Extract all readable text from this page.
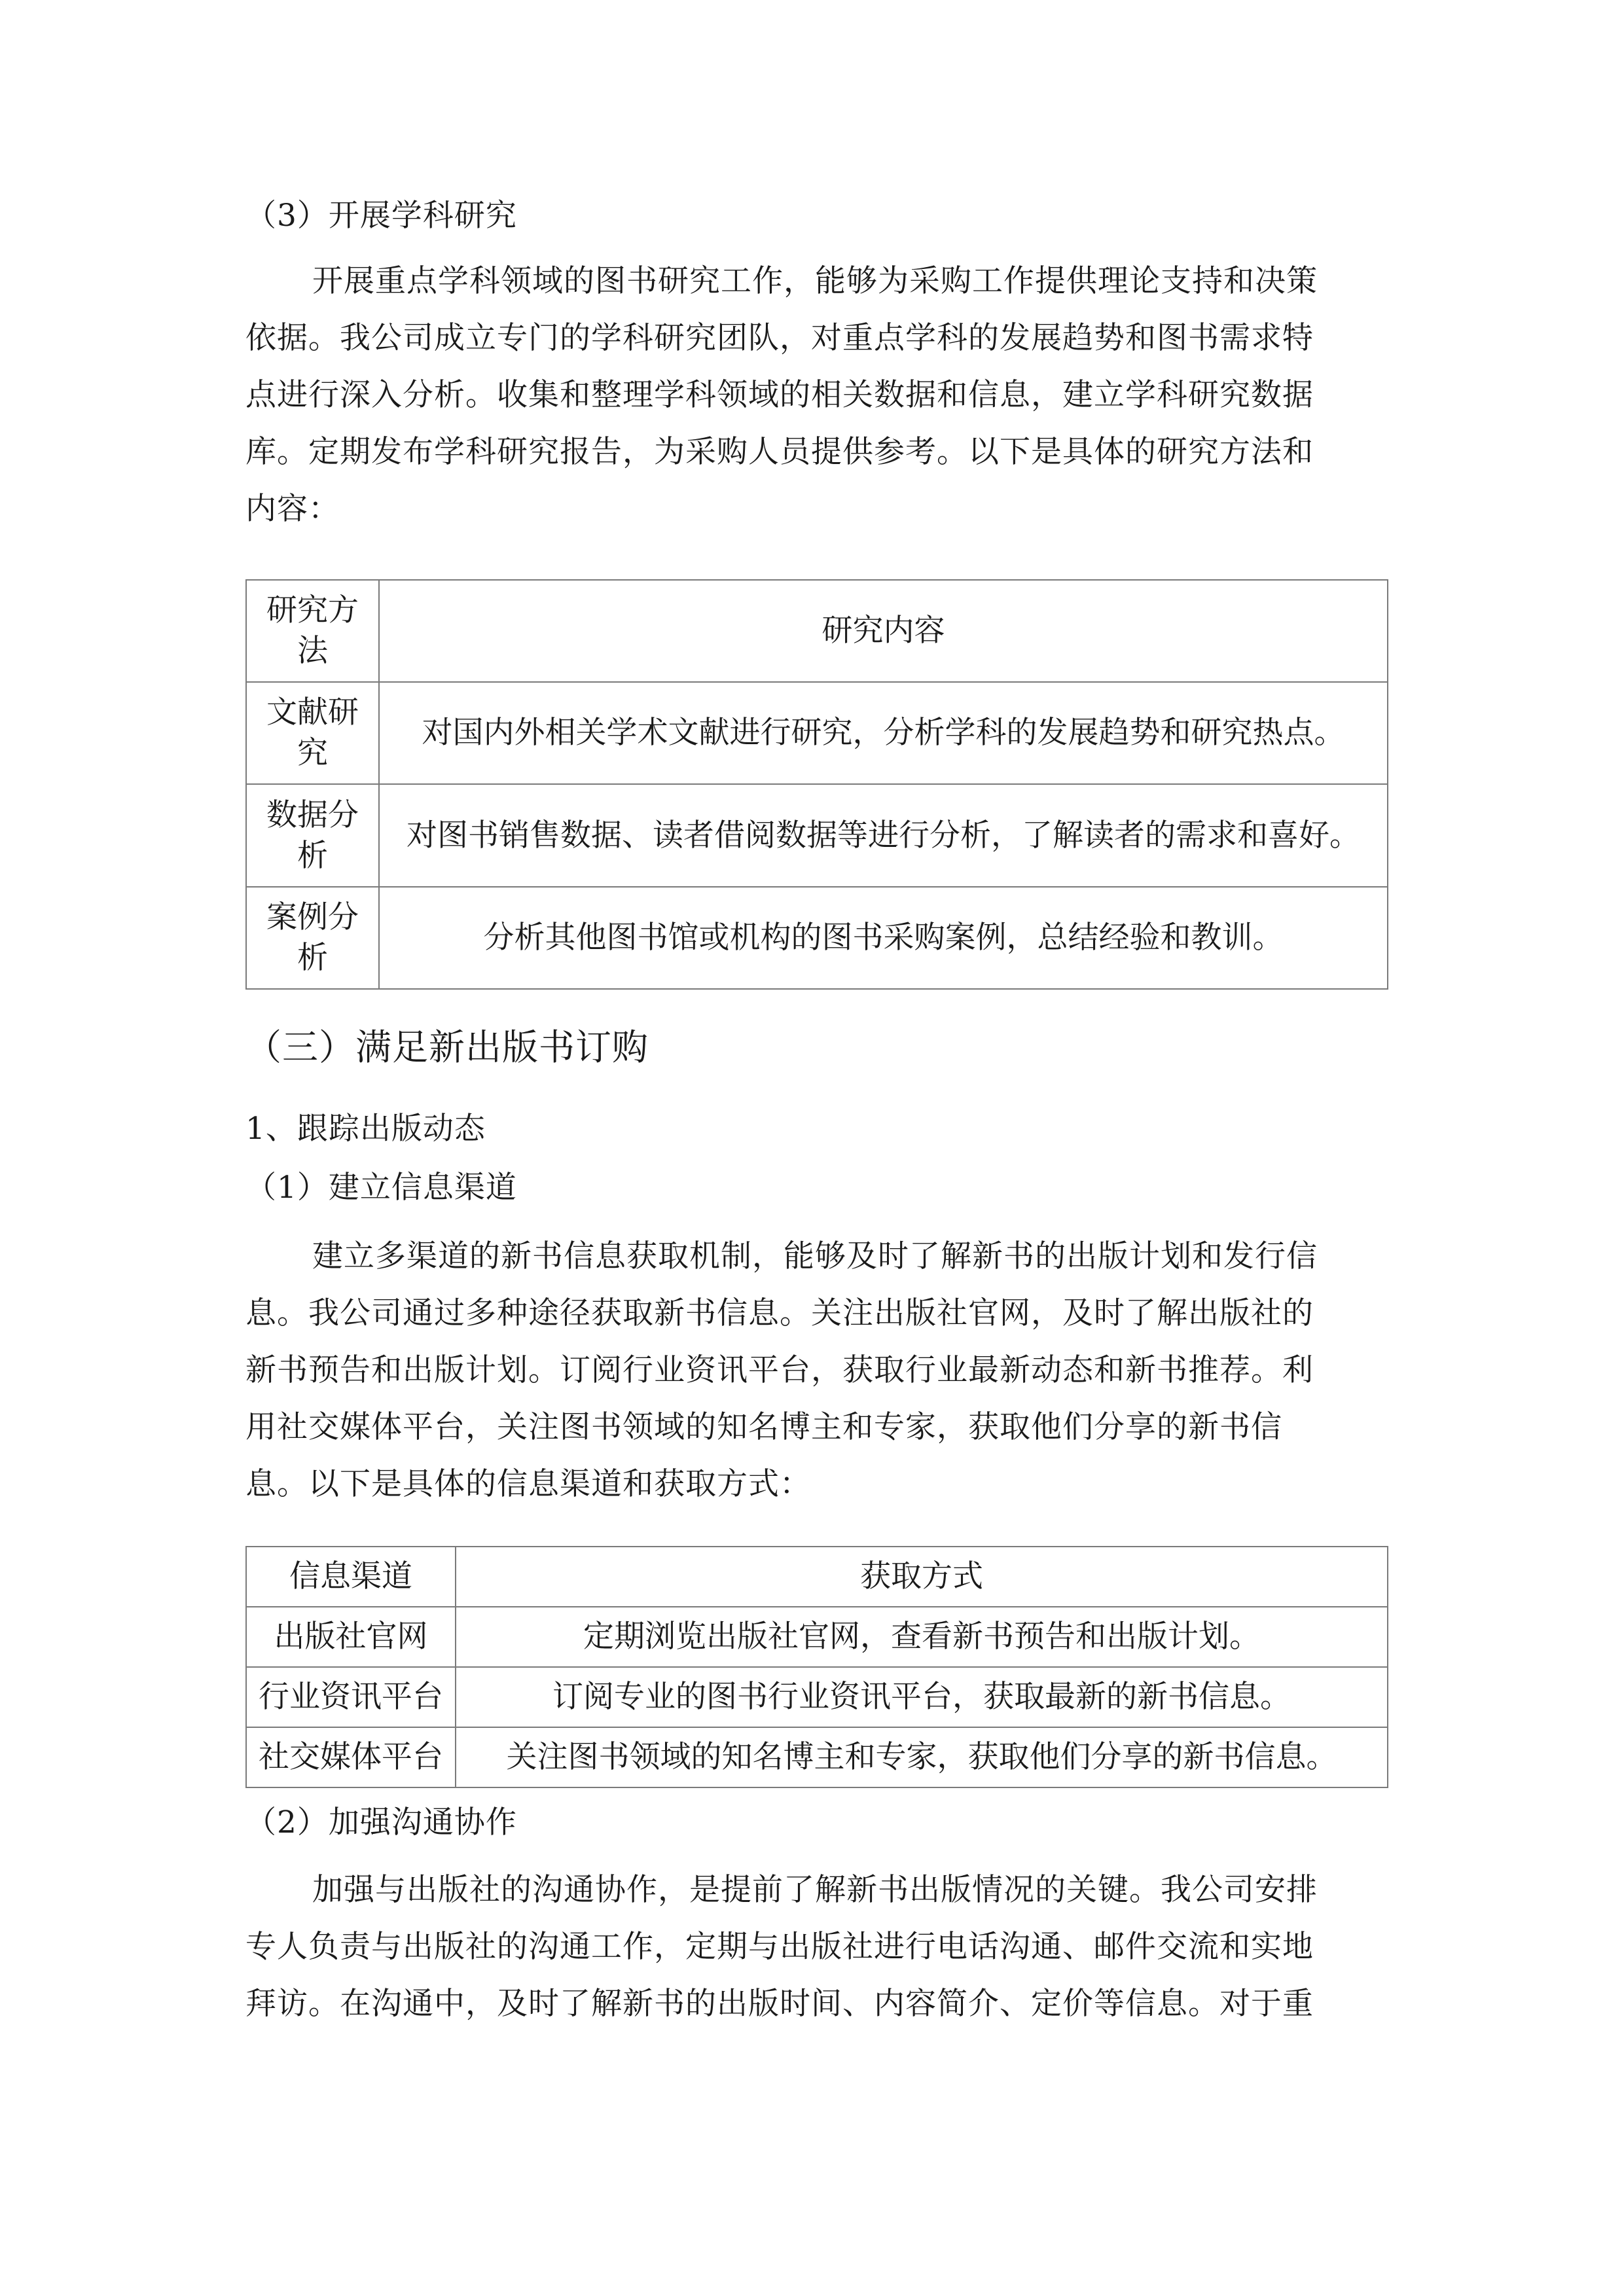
（3）开展学科研究
开展重点学科领域的图书研究工作，能够为采购工作提供理论支持和决策
依据。我公司成立专门的学科研究团队，对重点学科的发展趋势和图书需求特
点进行深入分析。收集和整理学科领域的相关数据和信息，建立学科研究数据
库。定期发布学科研究报告，为采购人员提供参考。以下是具体的研究方法和
内容：
研究方法	研究内容
文献研究	对国内外相关学术文献进行研究，分析学科的发展趋势和研究热点。
数据分析	对图书销售数据、读者借阅数据等进行分析，了解读者的需求和喜好。
案例分析	分析其他图书馆或机构的图书采购案例，总结经验和教训。
（三）满足新出版书订购
1、跟踪出版动态
（1）建立信息渠道
建立多渠道的新书信息获取机制，能够及时了解新书的出版计划和发行信
息。我公司通过多种途径获取新书信息。关注出版社官网，及时了解出版社的
新书预告和出版计划。订阅行业资讯平台，获取行业最新动态和新书推荐。利
用社交媒体平台，关注图书领域的知名博主和专家，获取他们分享的新书信
息。以下是具体的信息渠道和获取方式：
信息渠道	获取方式
出版社官网	定期浏览出版社官网，查看新书预告和出版计划。
行业资讯平台	订阅专业的图书行业资讯平台，获取最新的新书信息。
社交媒体平台	关注图书领域的知名博主和专家，获取他们分享的新书信息。
（2）加强沟通协作
加强与出版社的沟通协作，是提前了解新书出版情况的关键。我公司安排
专人负责与出版社的沟通工作，定期与出版社进行电话沟通、邮件交流和实地
拜访。在沟通中，及时了解新书的出版时间、内容简介、定价等信息。对于重
